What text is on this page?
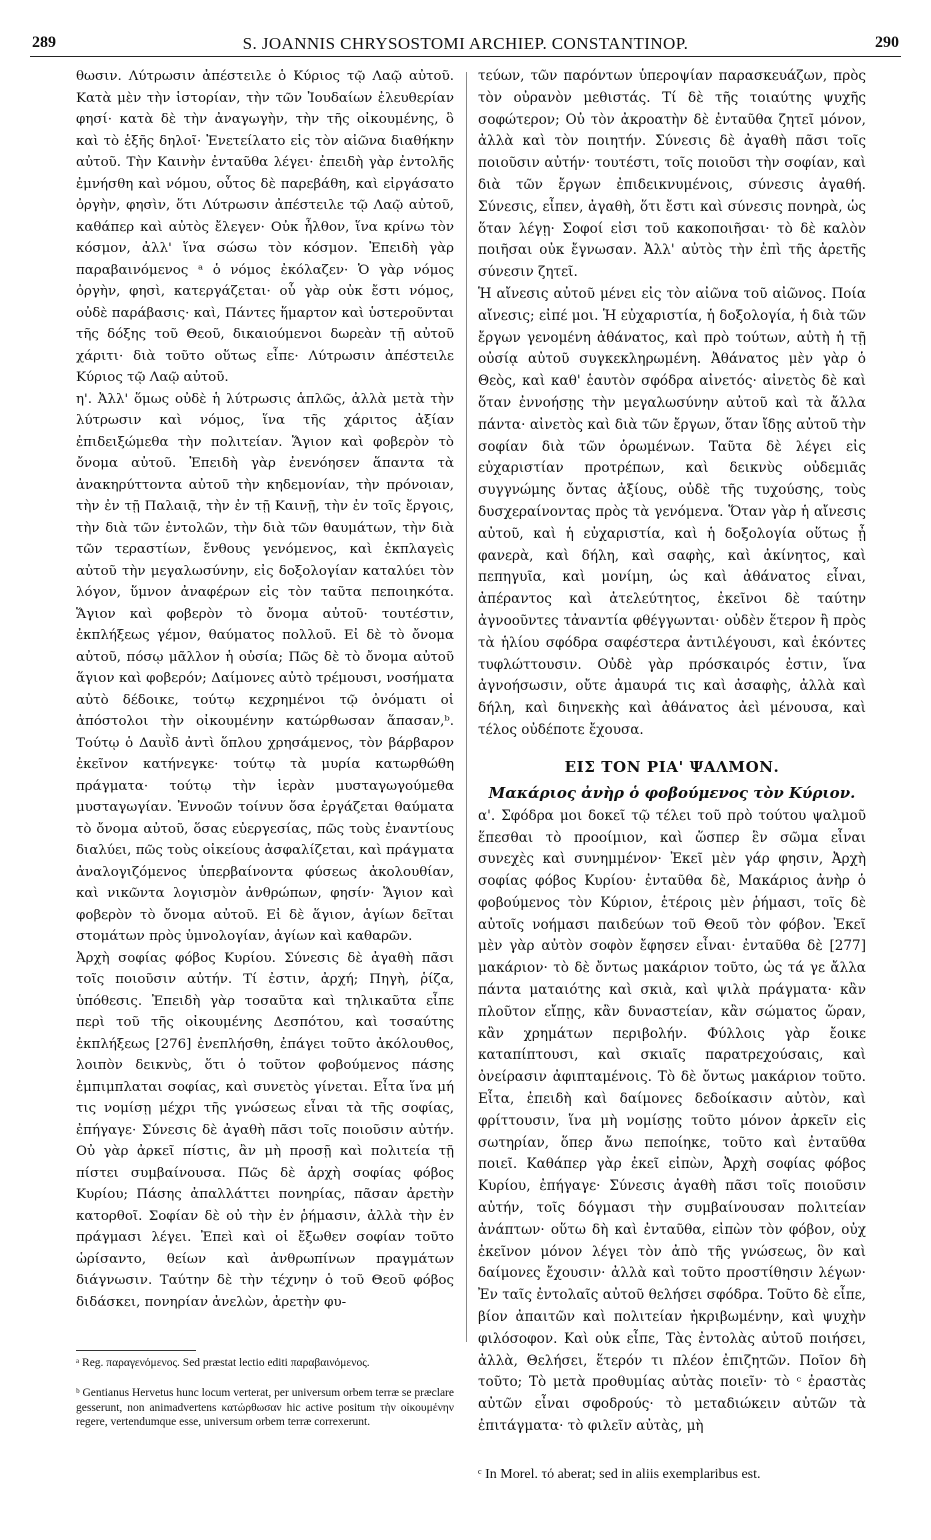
289	S. JOANNIS CHRYSOSTOMI ARCHIEP. CONSTANTINOP.	290

θωσιν. Λύτρωσιν ἀπέστειλε ὁ Κύριος τῷ Λαῷ αὐτοῦ. Κατὰ μὲν τὴν ἱστορίαν, τὴν τῶν Ἰουδαίων ἐλευθερίαν φησί· κατὰ δὲ τὴν ἀναγωγὴν, τὴν τῆς οἰκουμένης, ὃ καὶ τὸ ἑξῆς δηλοῖ· Ἐνετείλατο εἰς τὸν αἰῶνα διαθήκην αὐτοῦ. Τὴν Καινὴν ἐνταῦθα λέγει· ἐπειδὴ γὰρ ἐντολῆς ἐμνήσθη καὶ νόμου, οὗτος δὲ παρεβάθη, καὶ εἰργάσατο ὀργὴν, φησὶν, ὅτι Λύτρωσιν ἀπέστειλε τῷ Λαῷ αὐτοῦ, καθάπερ καὶ αὐτὸς ἔλεγεν· Οὐκ ἦλθον, ἵνα κρίνω τὸν κόσμον, ἀλλ' ἵνα σώσω τὸν κόσμον. Ἐπειδὴ γὰρ παραβαινόμενος ᵃ ὁ νόμος ἐκόλαζεν· Ὁ γὰρ νόμος ὀργὴν, φησὶ, κατεργάζεται· οὗ γὰρ οὐκ ἔστι νόμος, οὐδὲ παράβασις· καὶ, Πάντες ἥμαρτον καὶ ὑστεροῦνται τῆς δόξης τοῦ Θεοῦ, δικαιούμενοι δωρεὰν τῇ αὐτοῦ χάριτι· διὰ τοῦτο οὕτως εἶπε· Λύτρωσιν ἀπέστειλε Κύριος τῷ Λαῷ αὐτοῦ.

η'. Ἀλλ' ὅμως οὐδὲ ἡ λύτρωσις ἁπλῶς, ἀλλὰ μετὰ τὴν λύτρωσιν καὶ νόμος, ἵνα τῆς χάριτος ἀξίαν ἐπιδειξώμεθα τὴν πολιτείαν. Ἅγιον καὶ φοβερὸν τὸ ὄνομα αὐτοῦ. Ἐπειδὴ γὰρ ἐνενόησεν ἅπαντα τὰ ἀνακηρύττοντα αὐτοῦ τὴν κηδεμονίαν, τὴν πρόνοιαν, τὴν ἐν τῇ Παλαιᾷ, τὴν ἐν τῇ Καινῇ, τὴν ἐν τοῖς ἔργοις, τὴν διὰ τῶν ἐντολῶν, τὴν διὰ τῶν θαυμάτων, τὴν διὰ τῶν τεραστίων, ἔνθους γενόμενος, καὶ ἐκπλαγεὶς αὐτοῦ τὴν μεγαλωσύνην, εἰς δοξολογίαν καταλύει τὸν λόγον, ὕμνον ἀναφέρων εἰς τὸν ταῦτα πεποιηκότα. Ἅγιον καὶ φοβερὸν τὸ ὄνομα αὐτοῦ· τουτέστιν, ἐκπλήξεως γέμον, θαύματος πολλοῦ. Εἰ δὲ τὸ ὄνομα αὐτοῦ, πόσῳ μᾶλλον ἡ οὐσία; Πῶς δὲ τὸ ὄνομα αὐτοῦ ἅγιον καὶ φοβερόν; Δαίμονες αὐτὸ τρέμουσι, νοσήματα αὐτὸ δέδοικε, τούτῳ κεχρημένοι τῷ ὀνόματι οἱ ἀπόστολοι τὴν οἰκουμένην κατώρθωσαν ἅπασαν,ᵇ. Τούτῳ ὁ Δαυῒδ ἀντὶ ὅπλου χρησάμενος, τὸν βάρβαρον ἐκεῖνον κατήνεγκε· τούτῳ τὰ μυρία κατωρθώθη πράγματα· τούτῳ τὴν ἱερὰν μυσταγωγούμεθα μυσταγωγίαν. Ἐννοῶν τοίνυν ὅσα ἐργάζεται θαύματα τὸ ὄνομα αὐτοῦ, ὅσας εὐεργεσίας, πῶς τοὺς ἐναντίους διαλύει, πῶς τοὺς οἰκείους ἀσφαλίζεται, καὶ πράγματα ἀναλογιζόμενος ὑπερβαίνοντα φύσεως ἀκολουθίαν, καὶ νικῶντα λογισμὸν ἀνθρώπων, φησίν· Ἅγιον καὶ φοβερὸν τὸ ὄνομα αὐτοῦ. Εἰ δὲ ἅγιον, ἁγίων δεῖται στομάτων πρὸς ὑμνολογίαν, ἁγίων καὶ καθαρῶν.

Ἀρχὴ σοφίας φόβος Κυρίου. Σύνεσις δὲ ἀγαθὴ πᾶσι τοῖς ποιοῦσιν αὐτήν. Τί ἐστιν, ἀρχή; Πηγὴ, ῥίζα, ὑπόθεσις. Ἐπειδὴ γὰρ τοσαῦτα καὶ τηλικαῦτα εἶπε περὶ τοῦ τῆς οἰκουμένης Δεσπότου, καὶ τοσαύτης ἐκπλήξεως [276] ἐνεπλήσθη, ἐπάγει τοῦτο ἀκόλουθος, λοιπὸν δεικνὺς, ὅτι ὁ τοῦτον φοβούμενος πάσης ἐμπιμπλαται σοφίας, καὶ συνετὸς γίνεται. Εἶτα ἵνα μή τις νομίσῃ μέχρι τῆς γνώσεως εἶναι τὰ τῆς σοφίας, ἐπήγαγε· Σύνεσις δὲ ἀγαθὴ πᾶσι τοῖς ποιοῦσιν αὐτήν. Οὐ γὰρ ἀρκεῖ πίστις, ἂν μὴ προσῇ καὶ πολιτεία τῇ πίστει συμβαίνουσα. Πῶς δὲ ἀρχὴ σοφίας φόβος Κυρίου; Πάσης ἀπαλλάττει πονηρίας, πᾶσαν ἀρετὴν κατορθοῖ. Σοφίαν δὲ οὐ τὴν ἐν ῥήμασιν, ἀλλὰ τὴν ἐν πράγμασι λέγει. Ἐπεὶ καὶ οἱ ἔξωθεν σοφίαν τοῦτο ὡρίσαντο, θείων καὶ ἀνθρωπίνων πραγμάτων διάγνωσιν. Ταύτην δὲ τὴν τέχνην ὁ τοῦ Θεοῦ φόβος διδάσκει, πονηρίαν ἀνελὼν, ἀρετὴν φυ-

τεύων, τῶν παρόντων ὑπεροψίαν παρασκευάζων, πρὸς τὸν οὐρανὸν μεθιστάς. Τί δὲ τῆς τοιαύτης ψυχῆς σοφώτερον; Οὐ τὸν ἀκροατὴν δὲ ἐνταῦθα ζητεῖ μόνον, ἀλλὰ καὶ τὸν ποιητήν. Σύνεσις δὲ ἀγαθὴ πᾶσι τοῖς ποιοῦσιν αὐτήν· τουτέστι, τοῖς ποιοῦσι τὴν σοφίαν, καὶ διὰ τῶν ἔργων ἐπιδεικνυμένοις, σύνεσις ἀγαθή. Σύνεσις, εἶπεν, ἀγαθὴ, ὅτι ἔστι καὶ σύνεσις πονηρὰ, ὡς ὅταν λέγῃ· Σοφοί εἰσι τοῦ κακοποιῆσαι· τὸ δὲ καλὸν ποιῆσαι οὐκ ἔγνωσαν. Ἀλλ' αὐτὸς τὴν ἐπὶ τῆς ἀρετῆς σύνεσιν ζητεῖ.

Ἡ αἴνεσις αὐτοῦ μένει εἰς τὸν αἰῶνα τοῦ αἰῶνος. Ποία αἴνεσις; εἰπέ μοι. Ἡ εὐχαριστία, ἡ δοξολογία, ἡ διὰ τῶν ἔργων γενομένη ἀθάνατος, καὶ πρὸ τούτων, αὐτὴ ἡ τῇ οὐσίᾳ αὐτοῦ συγκεκληρωμένη. Ἀθάνατος μὲν γὰρ ὁ Θεὸς, καὶ καθ' ἑαυτὸν σφόδρα αἰνετός· αἰνετὸς δὲ καὶ ὅταν ἐννοήσῃς τὴν μεγαλωσύνην αὐτοῦ καὶ τὰ ἄλλα πάντα· αἰνετὸς καὶ διὰ τῶν ἔργων, ὅταν ἴδῃς αὐτοῦ τὴν σοφίαν διὰ τῶν ὁρωμένων. Ταῦτα δὲ λέγει εἰς εὐχαριστίαν προτρέπων, καὶ δεικνὺς οὐδεμιᾶς συγγνώμης ὄντας ἀξίους, οὐδὲ τῆς τυχούσης, τοὺς δυσχεραίνοντας πρὸς τὰ γενόμενα. Ὅταν γὰρ ἡ αἴνεσις αὐτοῦ, καὶ ἡ εὐχαριστία, καὶ ἡ δοξολογία οὕτως ᾖ φανερὰ, καὶ δήλη, καὶ σαφὴς, καὶ ἀκίνητος, καὶ πεπηγυῖα, καὶ μονίμη, ὡς καὶ ἀθάνατος εἶναι, ἀπέραντος καὶ ἀτελεύτητος, ἐκεῖνοι δὲ ταύτην ἀγνοοῦντες τἀναντία φθέγγωνται· οὐδὲν ἕτερον ἢ πρὸς τὰ ἡλίου σφόδρα σαφέστερα ἀντιλέγουσι, καὶ ἑκόντες τυφλώττουσιν. Οὐδὲ γὰρ πρόσκαιρός ἐστιν, ἵνα ἀγνοήσωσιν, οὔτε ἀμαυρά τις καὶ ἀσαφὴς, ἀλλὰ καὶ δήλη, καὶ διηνεκὴς καὶ ἀθάνατος ἀεὶ μένουσα, καὶ τέλος οὐδέποτε ἔχουσα.

ΕΙΣ ΤΟΝ ΡΙΑ' ΨΑΛΜΟΝ.
Μακάριος ἀνὴρ ὁ φοβούμενος τὸν Κύριον.

α'. Σφόδρα μοι δοκεῖ τῷ τέλει τοῦ πρὸ τούτου ψαλμοῦ ἕπεσθαι τὸ προοίμιον, καὶ ὥσπερ ἓν σῶμα εἶναι συνεχὲς καὶ συνημμένον· Ἐκεῖ μὲν γάρ φησιν, Ἀρχὴ σοφίας φόβος Κυρίου· ἐνταῦθα δὲ, Μακάριος ἀνὴρ ὁ φοβούμενος τὸν Κύριον, ἑτέροις μὲν ῥήμασι, τοῖς δὲ αὐτοῖς νοήμασι παιδεύων τοῦ Θεοῦ τὸν φόβον. Ἐκεῖ μὲν γὰρ αὐτὸν σοφὸν ἔφησεν εἶναι· ἐνταῦθα δὲ [277] μακάριον· τὸ δὲ ὄντως μακάριον τοῦτο, ὡς τά γε ἄλλα πάντα ματαιότης καὶ σκιὰ, καὶ ψιλὰ πράγματα· κἂν πλοῦτον εἴπῃς, κἂν δυναστείαν, κἂν σώματος ὥραν, κἂν χρημάτων περιβολήν. Φύλλοις γὰρ ἔοικε καταπίπτουσι, καὶ σκιαῖς παρατρεχούσαις, καὶ ὀνείρασιν ἀφιπταμένοις. Τὸ δὲ ὄντως μακάριον τοῦτο. Εἶτα, ἐπειδὴ καὶ δαίμονες δεδοίκασιν αὐτὸν, καὶ φρίττουσιν, ἵνα μὴ νομίσῃς τοῦτο μόνον ἀρκεῖν εἰς σωτηρίαν, ὅπερ ἄνω πεποίηκε, τοῦτο καὶ ἐνταῦθα ποιεῖ. Καθάπερ γὰρ ἐκεῖ εἰπὼν, Ἀρχὴ σοφίας φόβος Κυρίου, ἐπήγαγε· Σύνεσις ἀγαθὴ πᾶσι τοῖς ποιοῦσιν αὐτήν, τοῖς δόγμασι τὴν συμβαίνουσαν πολιτείαν ἀνάπτων· οὕτω δὴ καὶ ἐνταῦθα, εἰπὼν τὸν φόβον, οὐχ ἐκεῖνον μόνον λέγει τὸν ἀπὸ τῆς γνώσεως, ὃν καὶ δαίμονες ἔχουσιν· ἀλλὰ καὶ τοῦτο προστίθησιν λέγων· Ἐν ταῖς ἐντολαῖς αὐτοῦ θελήσει σφόδρα. Τοῦτο δὲ εἶπε, βίον ἀπαιτῶν καὶ πολιτείαν ἠκριβωμένην, καὶ ψυχὴν φιλόσοφον. Καὶ οὐκ εἶπε, Τὰς ἐντολὰς αὐτοῦ ποιήσει, ἀλλὰ, Θελήσει, ἕτερόν τι πλέον ἐπιζητῶν. Ποῖον δὴ τοῦτο; Τὸ μετὰ προθυμίας αὐτὰς ποιεῖν· τὸ ᶜ ἐραστὰς αὐτῶν εἶναι σφοδρούς· τὸ μεταδιώκειν αὐτῶν τὰ ἐπιτάγματα· τὸ φιλεῖν αὐτὰς, μὴ

ᵃ Reg. παραγενόμενος. Sed præstat lectio editi παραβαινόμενος.
ᵇ Gentianus Hervetus hunc locum verterat, per universum orbem terræ se præclare gesserunt, non animadvertens κατώρθωσαν hic active positum τὴν οἰκουμένην regere, vertendumque esse, universum orbem terræ correxerunt.
ᶜ In Morel. τό aberat; sed in aliis exemplaribus est.
